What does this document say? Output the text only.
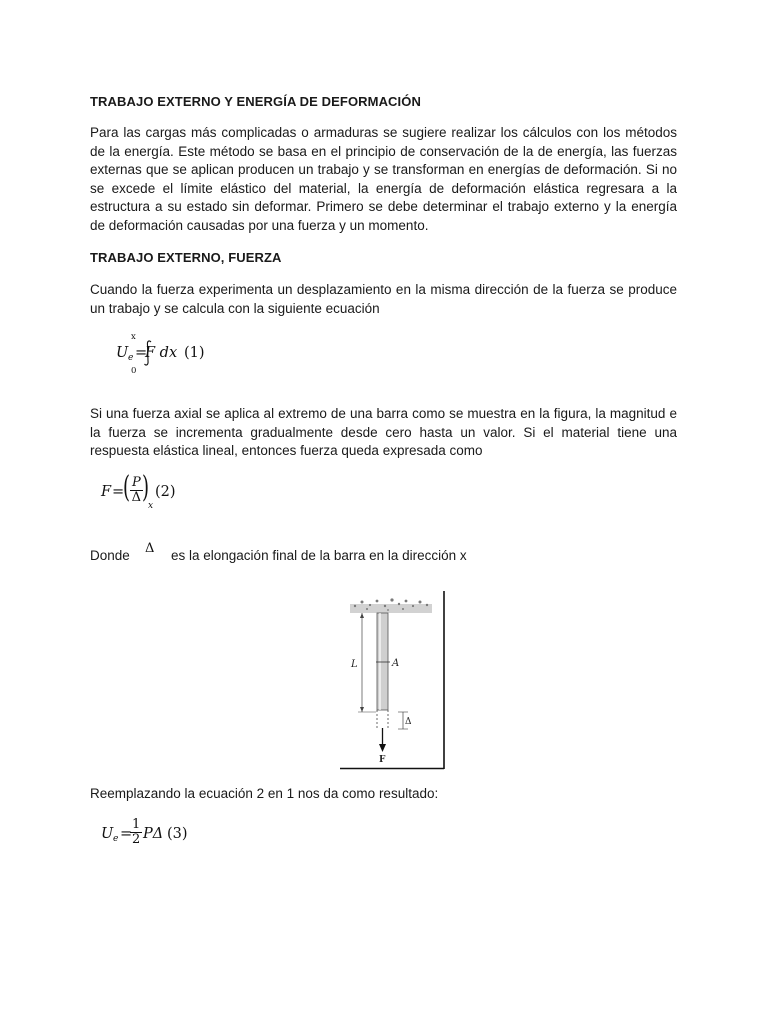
TRABAJO EXTERNO Y ENERGÍA DE DEFORMACIÓN
Para las cargas más complicadas o armaduras se sugiere realizar los cálculos con los métodos de la energía. Este método se basa en el principio de conservación de la de energía, las fuerzas externas que se aplican producen un trabajo y se transforman en energías de deformación. Si no se excede el límite elástico del material, la energía de deformación elástica regresara a la estructura a su estado sin deformar. Primero se debe determinar el trabajo externo y la energía de deformación causadas por una fuerza y un momento.
TRABAJO EXTERNO, FUERZA
Cuando la fuerza experimenta un desplazamiento en la misma dirección de la fuerza se produce un trabajo y se calcula con la siguiente ecuación
U e =
x
0
F dx (1)
Si una fuerza axial se aplica al extremo de una barra como se muestra en la figura, la magnitud e la fuerza se incrementa gradualmente desde cero hasta un valor. Si el material tiene una respuesta elástica lineal, entonces fuerza queda expresada como
F =
( $\frac{P}{\Delta}$ )
x
(2)
Donde Δ es la elongación final de la barra en la dirección x
L	A
Δ
F
Reemplazando la ecuación 2 en 1 nos da como resultado:
U e =
$\frac{1}{2}$ PΔ (3)
